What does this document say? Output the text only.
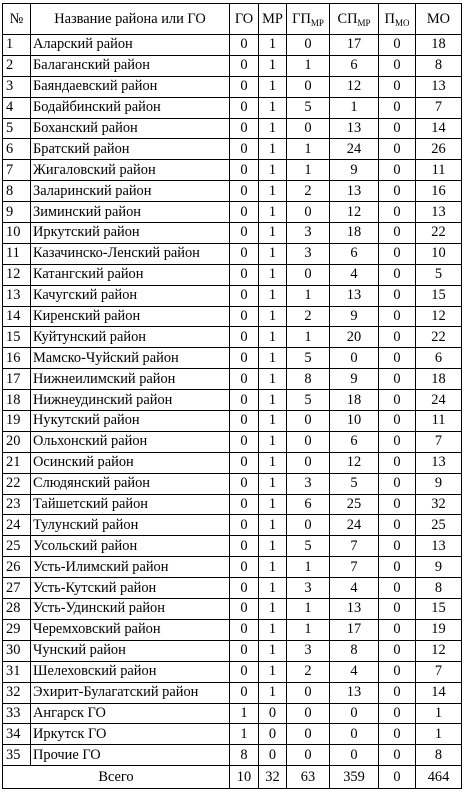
№	Название района или ГО	ГО	МР	$ГП_{МР}$	$СП_{МР}$	$П_{МО}$	МО
1	Аларский район	0	1	0	17	0	18
2	Балаганский район	0	1	1	6	0	8
3	Баяндаевский район	0	1	0	12	0	13
4	Бодайбинский район	0	1	5	1	0	7
5	Боханский район	0	1	0	13	0	14
6	Братский район	0	1	1	24	0	26
7	Жигаловский район	0	1	1	9	0	11
8	Заларинский район	0	1	2	13	0	16
9	Зиминский район	0	1	0	12	0	13
10	Иркутский район	0	1	3	18	0	22
11	Казачинско-Ленский район	0	1	3	6	0	10
12	Катангский район	0	1	0	4	0	5
13	Качугский район	0	1	1	13	0	15
14	Киренский район	0	1	2	9	0	12
15	Куйтунский район	0	1	1	20	0	22
16	Мамско-Чуйский район	0	1	5	0	0	6
17	Нижнеилимский район	0	1	8	9	0	18
18	Нижнеудинский район	0	1	5	18	0	24
19	Нукутский район	0	1	0	10	0	11
20	Ольхонский район	0	1	0	6	0	7
21	Осинский район	0	1	0	12	0	13
22	Слюдянский район	0	1	3	5	0	9
23	Тайшетский район	0	1	6	25	0	32
24	Тулунский район	0	1	0	24	0	25
25	Усольский район	0	1	5	7	0	13
26	Усть-Илимский район	0	1	1	7	0	9
27	Усть-Кутский район	0	1	3	4	0	8
28	Усть-Удинский район	0	1	1	13	0	15
29	Черемховский район	0	1	1	17	0	19
30	Чунский район	0	1	3	8	0	12
31	Шелеховский район	0	1	2	4	0	7
32	Эхирит-Булагатский район	0	1	0	13	0	14
33	Ангарск ГО	1	0	0	0	0	1
34	Иркутск ГО	1	0	0	0	0	1
35	Прочие ГО	8	0	0	0	0	8
Всего		10	32	63	359	0	464
